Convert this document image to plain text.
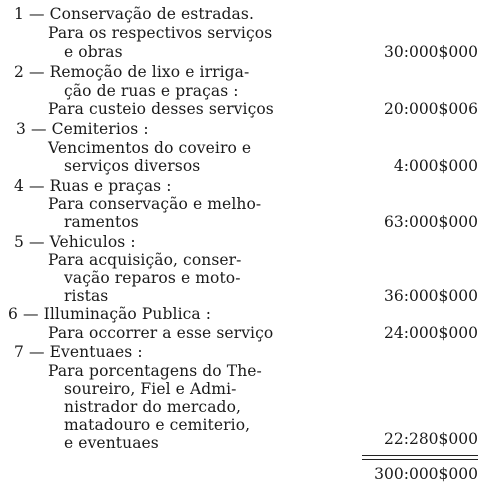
1 — Conservação de estradas.
Para os respectivos serviços
e obras	30:000$000
2 — Remoção de lixo e irriga-
ção de ruas e praças :
Para custeio desses serviços	20:000$006
3 — Cemiterios :
Vencimentos do coveiro e
serviços diversos	4:000$000
4 — Ruas e praças :
Para conservação e melho-
ramentos	63:000$000
5 — Vehiculos :
Para acquisição, conser-
vação reparos e moto-
ristas	36:000$000
6 — Illuminação Publica :
Para occorrer a esse serviço	24:000$000
7 — Eventuaes :
Para porcentagens do The-
soureiro, Fiel e Admi-
nistrador do mercado,
matadouro e cemiterio,
e eventuaes	22:280$000
300:000$000
